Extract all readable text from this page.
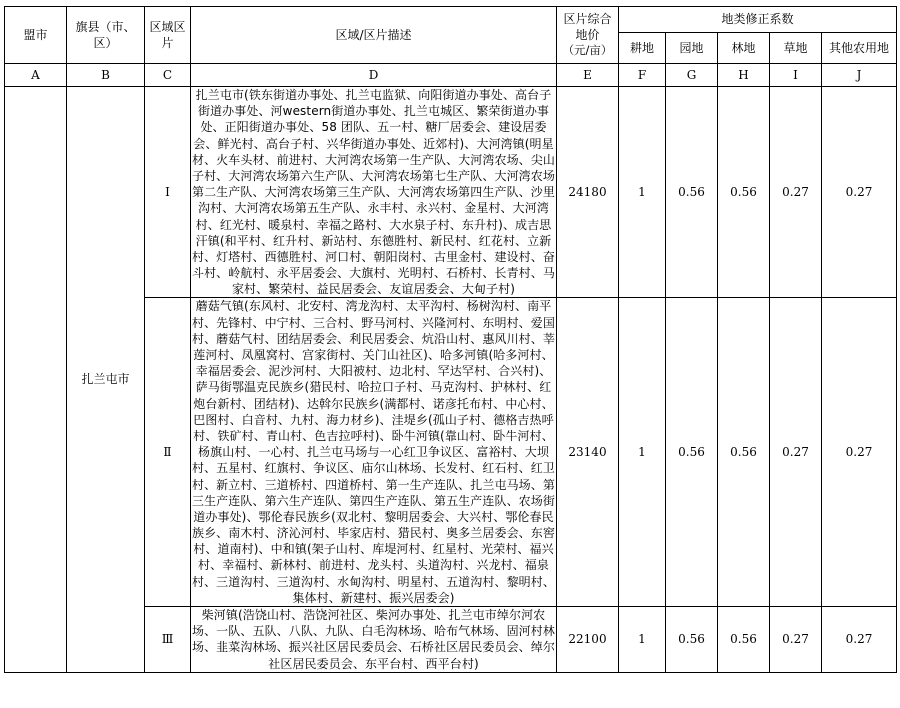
盟市	旗县（市、区）	区域区片	区域/区片描述	区片综合
地价
（元/亩）	地类修正系数				
					耕地	园地	林地	草地	其他农用地
A	B	C	D	E	F	G	H	I	J
	扎兰屯市	Ⅰ	扎兰屯市(铁东街道办事处、扎兰屯监狱、向阳街道办事处、高台子街道办事处、河western街道办事处、扎兰屯城区、繁荣街道办事处、正阳街道办事处、58 团队、五一村、糖厂居委会、建设居委会、鲜光村、高台子村、兴华街道办事处、近郊村)、大河湾镇(明星材、火车头材、前进村、大河湾农场第一生产队、大河湾农场、尖山子村、大河湾农场第六生产队、大河湾农场第七生产队、大河湾农场第二生产队、大河湾农场第三生产队、大河湾农场第四生产队、沙里沟村、大河湾农场第五生产队、永丰村、永兴村、金星村、大河湾村、红光村、暖泉村、幸福之路村、大水泉子村、东升村)、成吉思汗镇(和平村、红升村、新站村、东德胜村、新民村、红花村、立新村、灯塔村、西德胜村、河口村、朝阳岗村、古里金村、建设村、奋斗村、岭航村、永平居委会、大旗村、光明村、石桥村、长青村、马家村、繁荣村、益民居委会、友谊居委会、大甸子村)	24180	1	0.56	0.56	0.27	0.27
		Ⅱ	蘑菇气镇(东风村、北安村、湾龙沟村、太平沟村、杨树沟村、南平村、先锋村、中宁村、三合村、野马河村、兴隆河村、东明村、爱国村、蘑菇气村、团结居委会、利民居委会、炕沿山村、惠风川村、莘莲河村、凤凰窝村、宫家街村、关门山社区)、哈多河镇(哈多河村、幸福居委会、泥沙河村、大阳被村、边北村、罕达罕村、合兴村)、萨马街鄂温克民族乡(猎民村、哈拉口子村、马克沟村、护林村、红炮台新村、团结材)、达斡尔民族乡(满都村、诺彦托布村、中心村、巴图村、白音村、九村、海力材乡)、洼堤乡(孤山子村、德格吉热呼村、铁矿村、青山村、色吉拉呼村)、卧牛河镇(靠山村、卧牛河村、杨旗山村、一心村、扎兰屯马场与一心红卫争议区、富裕村、大坝村、五星村、红旗村、争议区、庙尔山林场、长发村、红石村、红卫村、新立村、三道桥村、四道桥村、第一生产连队、扎兰屯马场、第三生产连队、第六生产连队、第四生产连队、第五生产连队、农场街道办事处)、鄂伦春民族乡(双北村、黎明居委会、大兴村、鄂伦春民族乡、南木村、济沁河村、毕家店村、猎民村、奥多兰居委会、东窖村、道南村)、中和镇(架子山村、库堤河村、红星村、光荣村、福兴村、幸福村、新林村、前进村、龙头村、头道沟村、兴龙村、福泉村、三道沟村、三道沟村、水甸沟村、明星村、五道沟村、黎明村、集体村、新建村、振兴居委会)	23140	1	0.56	0.56	0.27	0.27
		Ⅲ	柴河镇(浩饶山村、浩饶河社区、柴河办事处、扎兰屯市绰尔河农场、一队、五队、八队、九队、白毛沟林场、哈布气林场、固河村林场、韭菜沟林场、振兴社区居民委员会、石桥社区居民委员会、绰尔社区居民委员会、东平台村、西平台村)	22100	1	0.56	0.56	0.27	0.27
